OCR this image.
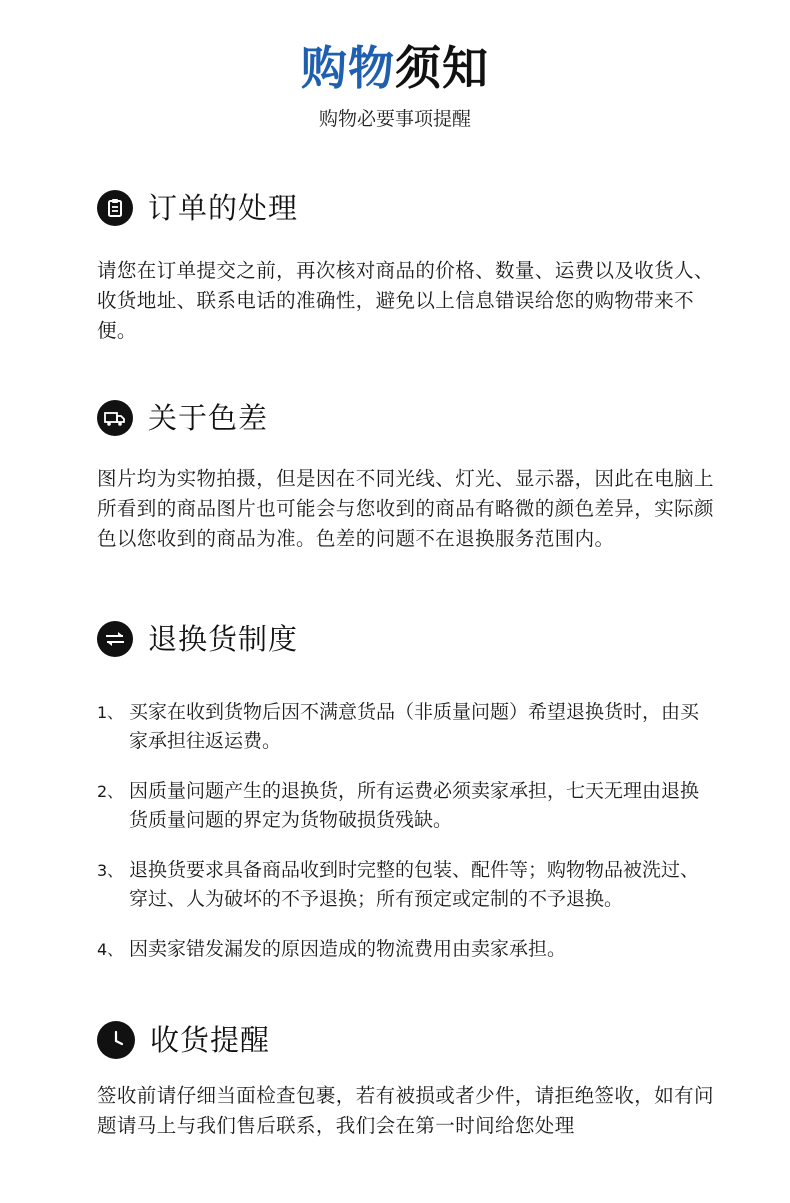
购物须知
购物必要事项提醒
订单的处理
请您在订单提交之前，再次核对商品的价格、数量、运费以及收货人、收货地址、联系电话的准确性，避免以上信息错误给您的购物带来不便。
关于色差
图片均为实物拍摄，但是因在不同光线、灯光、显示器，因此在电脑上所看到的商品图片也可能会与您收到的商品有略微的颜色差异，实际颜色以您收到的商品为准。色差的问题不在退换服务范围内。
退换货制度
1、 买家在收到货物后因不满意货品（非质量问题）希望退换货时，由买家承担往返运费。
2、 因质量问题产生的退换货，所有运费必须卖家承担，七天无理由退换货质量问题的界定为货物破损货残缺。
3、 退换货要求具备商品收到时完整的包装、配件等；购物物品被洗过、穿过、人为破坏的不予退换；所有预定或定制的不予退换。
4、 因卖家错发漏发的原因造成的物流费用由卖家承担。
收货提醒
签收前请仔细当面检查包裹，若有被损或者少件，请拒绝签收，如有问题请马上与我们售后联系，我们会在第一时间给您处理
